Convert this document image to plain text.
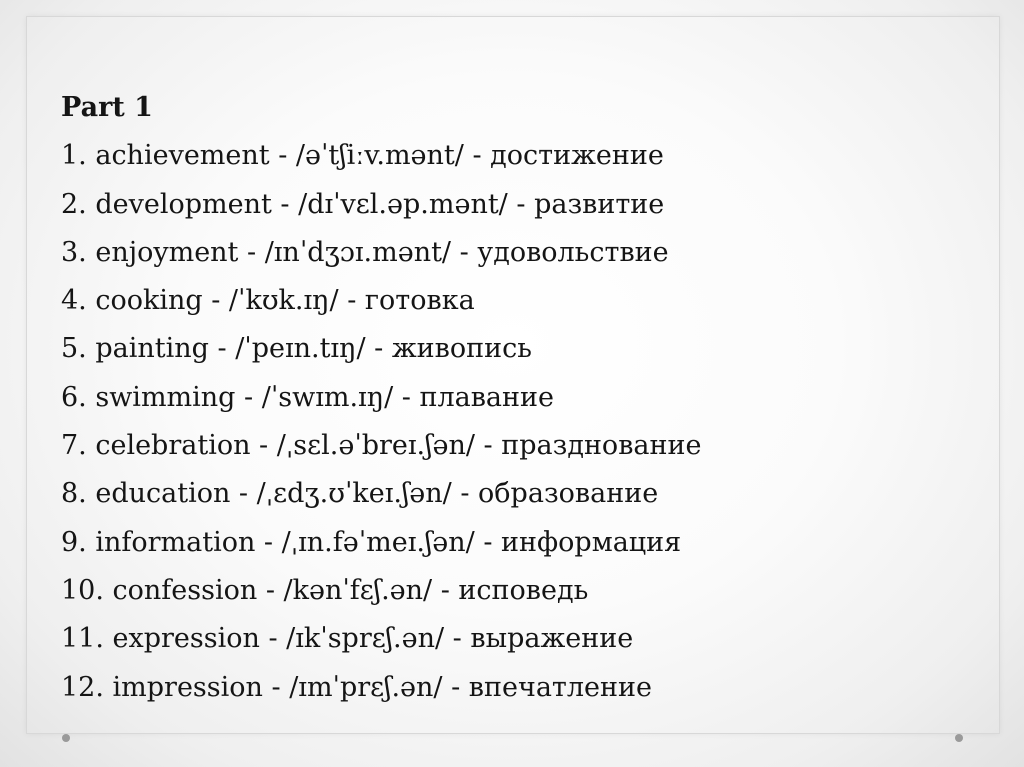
Part 1
1. achievement - /əˈtʃiːv.mənt/ - достижение
2. development - /dɪˈvɛl.əp.mənt/ - развитие
3. enjoyment - /ɪnˈdʒɔɪ.mənt/ - удовольствие
4. cooking - /ˈkʊk.ɪŋ/ - готовка
5. painting - /ˈpeɪn.tɪŋ/ - живопись
6. swimming - /ˈswɪm.ɪŋ/ - плавание
7. celebration - /ˌsɛl.əˈbreɪ.ʃən/ - празднование
8. education - /ˌɛdʒ.ʊˈkeɪ.ʃən/ - образование
9. information - /ˌɪn.fəˈmeɪ.ʃən/ - информация
10. confession - /kənˈfɛʃ.ən/ - исповедь
11. expression - /ɪkˈsprɛʃ.ən/ - выражение
12. impression - /ɪmˈprɛʃ.ən/ - впечатление
